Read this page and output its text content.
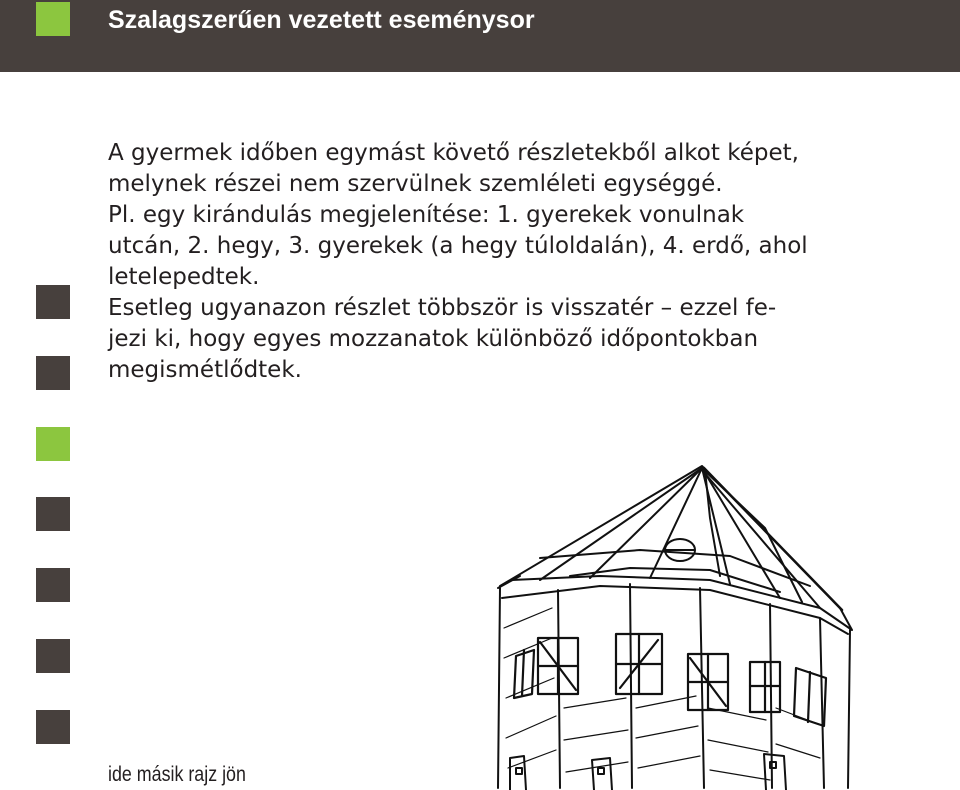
Szalagszerűen vezetett eseménysor

A gyermek időben egymást követő részletekből alkot képet,
melynek részei nem szervülnek szemléleti egységgé.
Pl. egy kirándulás megjelenítése: 1. gyerekek vonulnak
utcán, 2. hegy, 3. gyerekek (a hegy túloldalán), 4. erdő, ahol
letelepedtek.
Esetleg ugyanazon részlet többször is visszatér – ezzel fe-
jezi ki, hogy egyes mozzanatok különböző időpontokban
megismétlődtek.

ide másik rajz jön
